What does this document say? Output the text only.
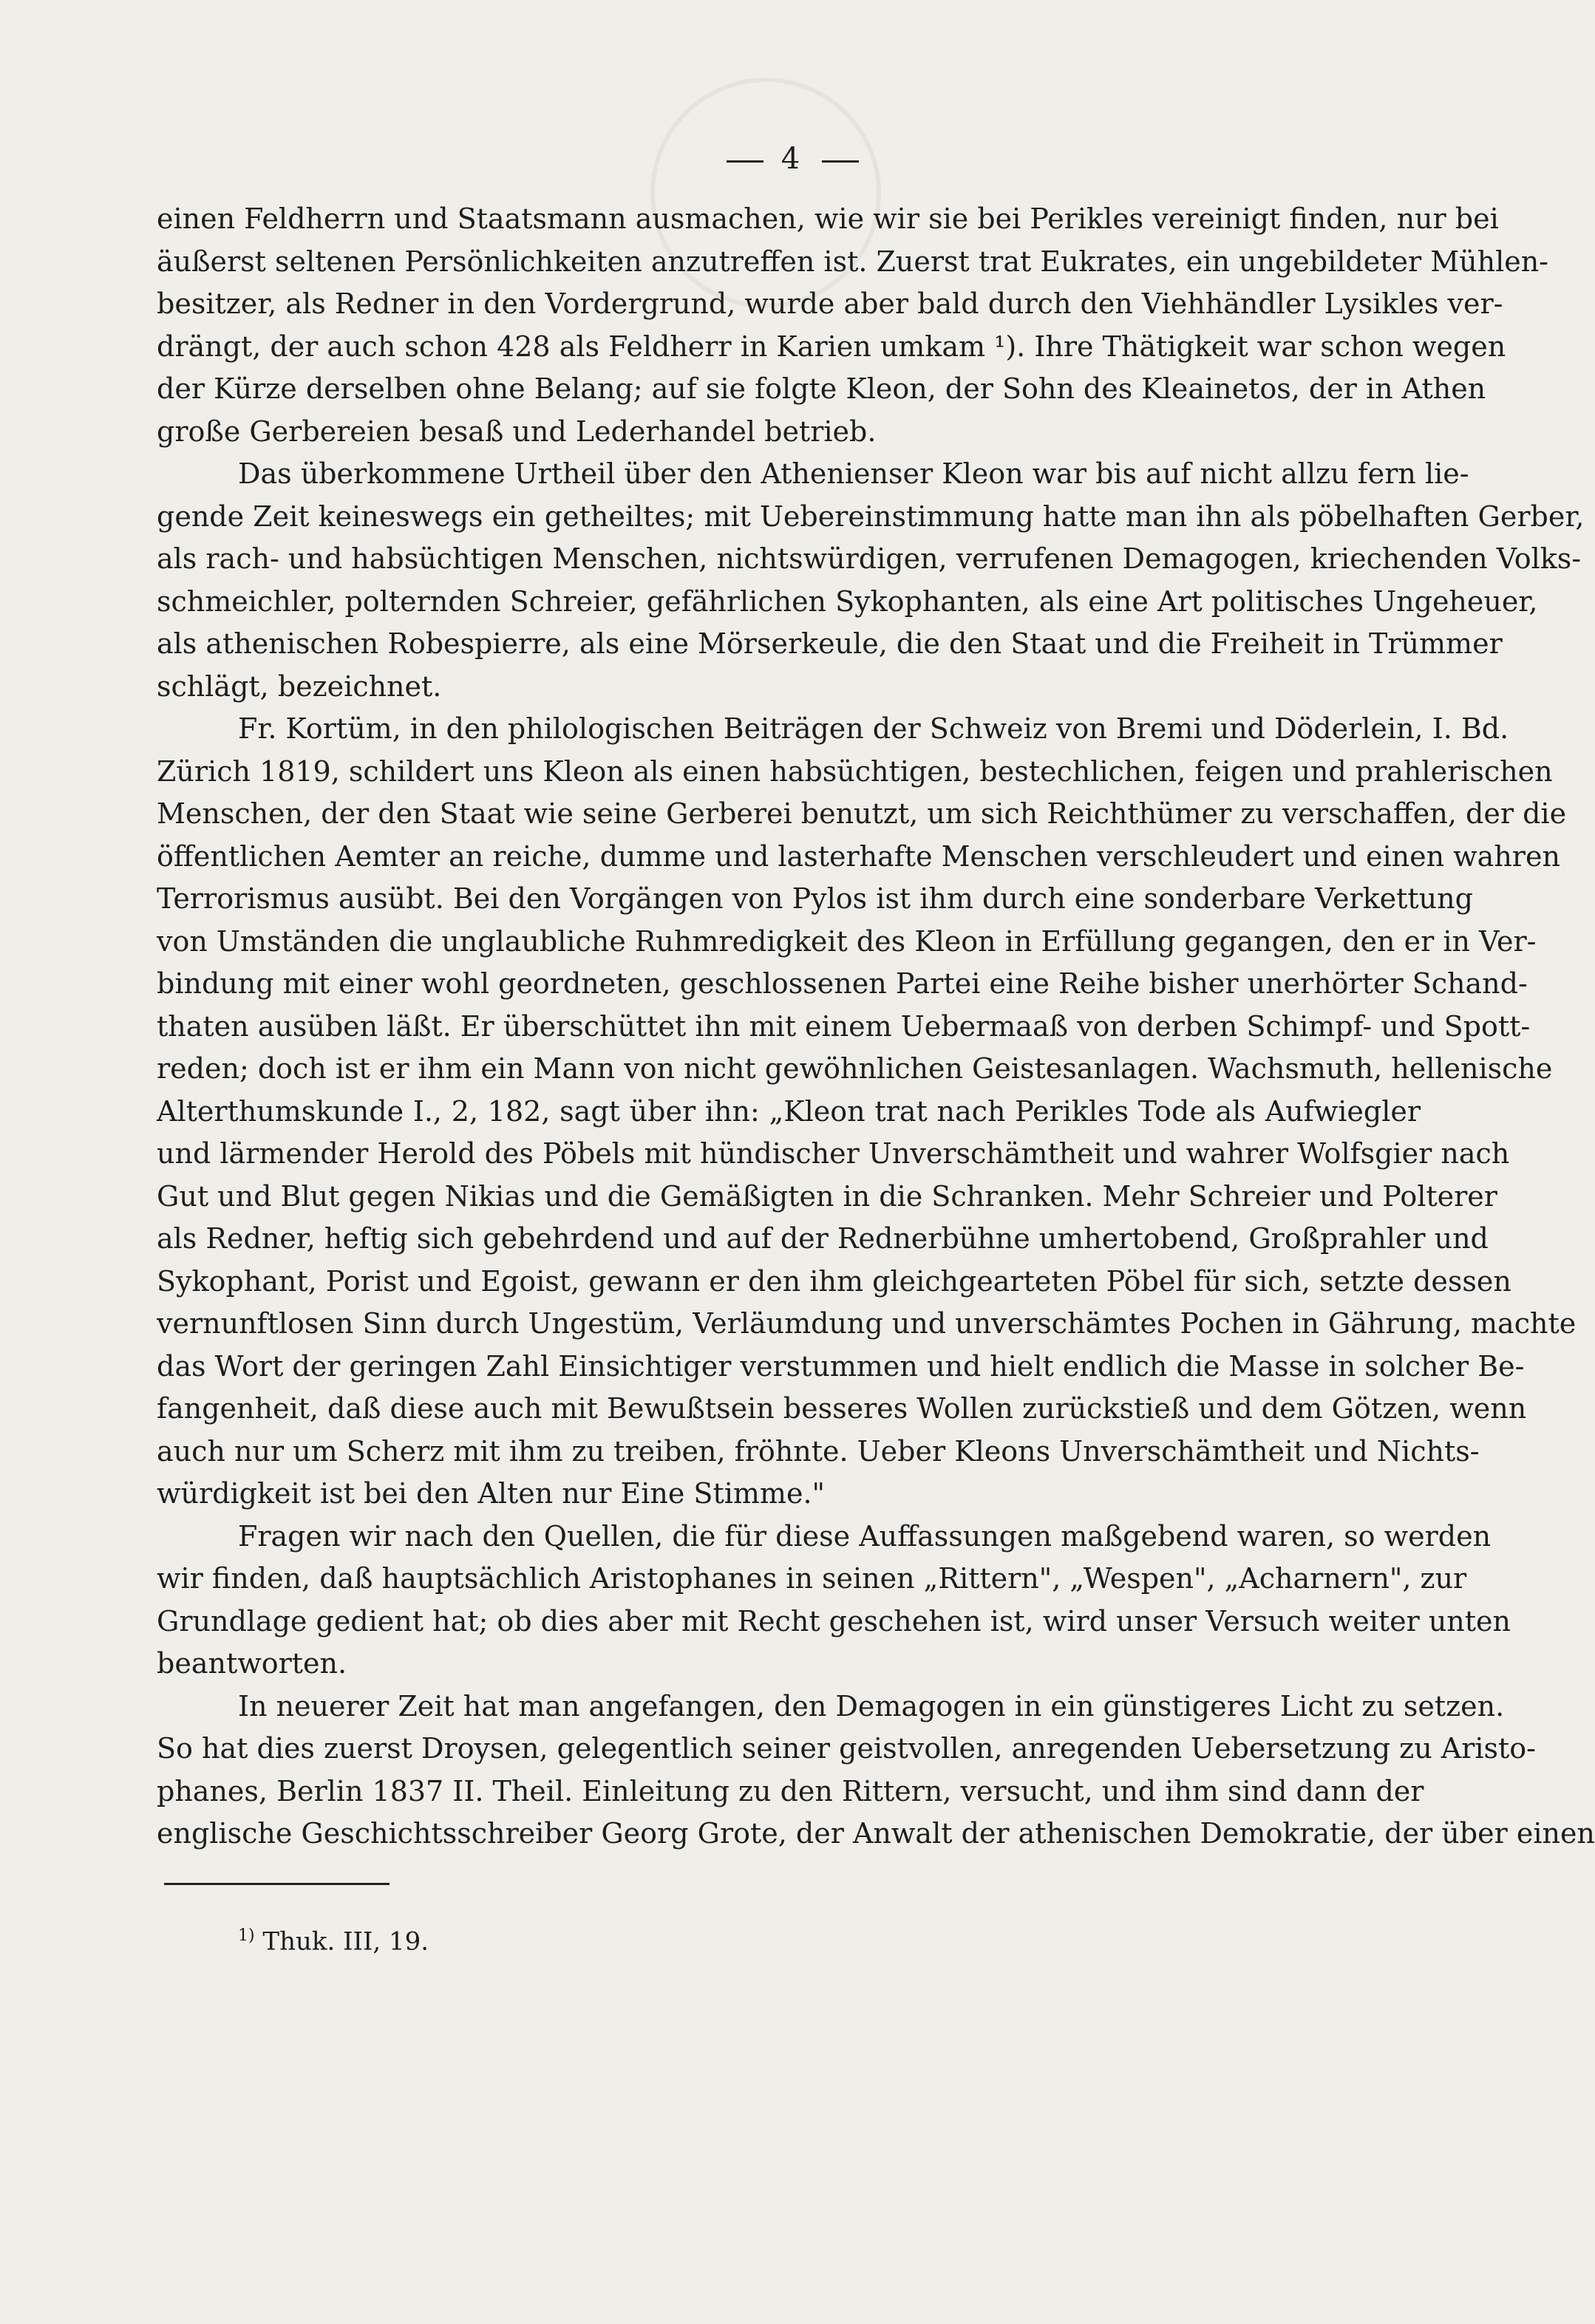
4
einen Feldherrn und Staatsmann ausmachen, wie wir sie bei Perikles vereinigt finden, nur bei
äußerst seltenen Persönlichkeiten anzutreffen ist. Zuerst trat Eukrates, ein ungebildeter Mühlen-
besitzer, als Redner in den Vordergrund, wurde aber bald durch den Viehhändler Lysikles ver-
drängt, der auch schon 428 als Feldherr in Karien umkam ¹). Ihre Thätigkeit war schon wegen
der Kürze derselben ohne Belang; auf sie folgte Kleon, der Sohn des Kleainetos, der in Athen
große Gerbereien besaß und Lederhandel betrieb.
Das überkommene Urtheil über den Athenienser Kleon war bis auf nicht allzu fern lie-
gende Zeit keineswegs ein getheiltes; mit Uebereinstimmung hatte man ihn als pöbelhaften Gerber,
als rach- und habsüchtigen Menschen, nichtswürdigen, verrufenen Demagogen, kriechenden Volks-
schmeichler, polternden Schreier, gefährlichen Sykophanten, als eine Art politisches Ungeheuer,
als athenischen Robespierre, als eine Mörserkeule, die den Staat und die Freiheit in Trümmer
schlägt, bezeichnet.
Fr. Kortüm, in den philologischen Beiträgen der Schweiz von Bremi und Döderlein, I. Bd.
Zürich 1819, schildert uns Kleon als einen habsüchtigen, bestechlichen, feigen und prahlerischen
Menschen, der den Staat wie seine Gerberei benutzt, um sich Reichthümer zu verschaffen, der die
öffentlichen Aemter an reiche, dumme und lasterhafte Menschen verschleudert und einen wahren
Terrorismus ausübt. Bei den Vorgängen von Pylos ist ihm durch eine sonderbare Verkettung
von Umständen die unglaubliche Ruhmredigkeit des Kleon in Erfüllung gegangen, den er in Ver-
bindung mit einer wohl geordneten, geschlossenen Partei eine Reihe bisher unerhörter Schand-
thaten ausüben läßt. Er überschüttet ihn mit einem Uebermaaß von derben Schimpf- und Spott-
reden; doch ist er ihm ein Mann von nicht gewöhnlichen Geistesanlagen. Wachsmuth, hellenische
Alterthumskunde I., 2, 182, sagt über ihn: „Kleon trat nach Perikles Tode als Aufwiegler
und lärmender Herold des Pöbels mit hündischer Unverschämtheit und wahrer Wolfsgier nach
Gut und Blut gegen Nikias und die Gemäßigten in die Schranken. Mehr Schreier und Polterer
als Redner, heftig sich gebehrdend und auf der Rednerbühne umhertobend, Großprahler und
Sykophant, Porist und Egoist, gewann er den ihm gleichgearteten Pöbel für sich, setzte dessen
vernunftlosen Sinn durch Ungestüm, Verläumdung und unverschämtes Pochen in Gährung, machte
das Wort der geringen Zahl Einsichtiger verstummen und hielt endlich die Masse in solcher Be-
fangenheit, daß diese auch mit Bewußtsein besseres Wollen zurückstieß und dem Götzen, wenn
auch nur um Scherz mit ihm zu treiben, fröhnte. Ueber Kleons Unverschämtheit und Nichts-
würdigkeit ist bei den Alten nur Eine Stimme."
Fragen wir nach den Quellen, die für diese Auffassungen maßgebend waren, so werden
wir finden, daß hauptsächlich Aristophanes in seinen „Rittern", „Wespen", „Acharnern", zur
Grundlage gedient hat; ob dies aber mit Recht geschehen ist, wird unser Versuch weiter unten
beantworten.
In neuerer Zeit hat man angefangen, den Demagogen in ein günstigeres Licht zu setzen.
So hat dies zuerst Droysen, gelegentlich seiner geistvollen, anregenden Uebersetzung zu Aristo-
phanes, Berlin 1837 II. Theil. Einleitung zu den Rittern, versucht, und ihm sind dann der
englische Geschichtsschreiber Georg Grote, der Anwalt der athenischen Demokratie, der über einen
$^{1)}$ Thuk. III, 19.
